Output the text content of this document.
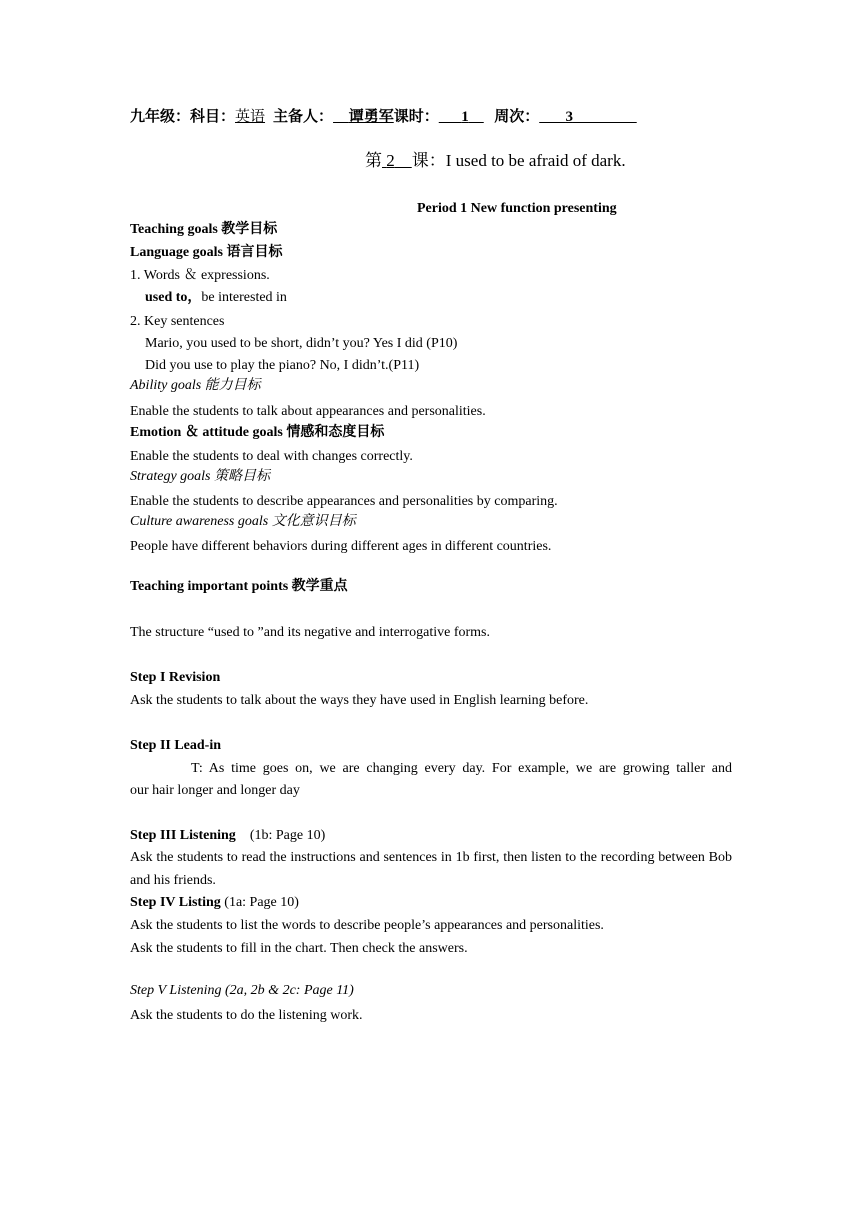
九年级：科目：英语 主备人： 谭勇军课时： 1 周次： 3
第 2 课：I used to be afraid of dark.
Period 1 New function presenting
Teaching goals 教学目标
Language goals 语言目标
1. Words ＆ expressions.
used to，be interested in
2. Key sentences
Mario, you used to be short, didn’t you? Yes I did (P10)
Did you use to play the piano? No, I didn’t.(P11)
Ability goals 能力目标
Enable the students to talk about appearances and personalities.
Emotion ＆ attitude goals 情感和态度目标
Enable the students to deal with changes correctly.
Strategy goals 策略目标
Enable the students to describe appearances and personalities by comparing.
Culture awareness goals 文化意识目标
People have different behaviors during different ages in different countries.
Teaching important points 教学重点
The structure “used to ”and its negative and interrogative forms.
Step I Revision
Ask the students to talk about the ways they have used in English learning before.
Step II Lead-in
T: As time goes on, we are changing every day. For example, we are growing taller and
our hair longer and longer day
Step III Listening    (1b: Page 10)
Ask the students to read the instructions and sentences in 1b first, then listen to the recording between Bob and his friends.
Step IV Listing (1a: Page 10)
Ask the students to list the words to describe people’s appearances and personalities.
Ask the students to fill in the chart. Then check the answers.
Step V Listening (2a, 2b & 2c: Page 11)
Ask the students to do the listening work.
